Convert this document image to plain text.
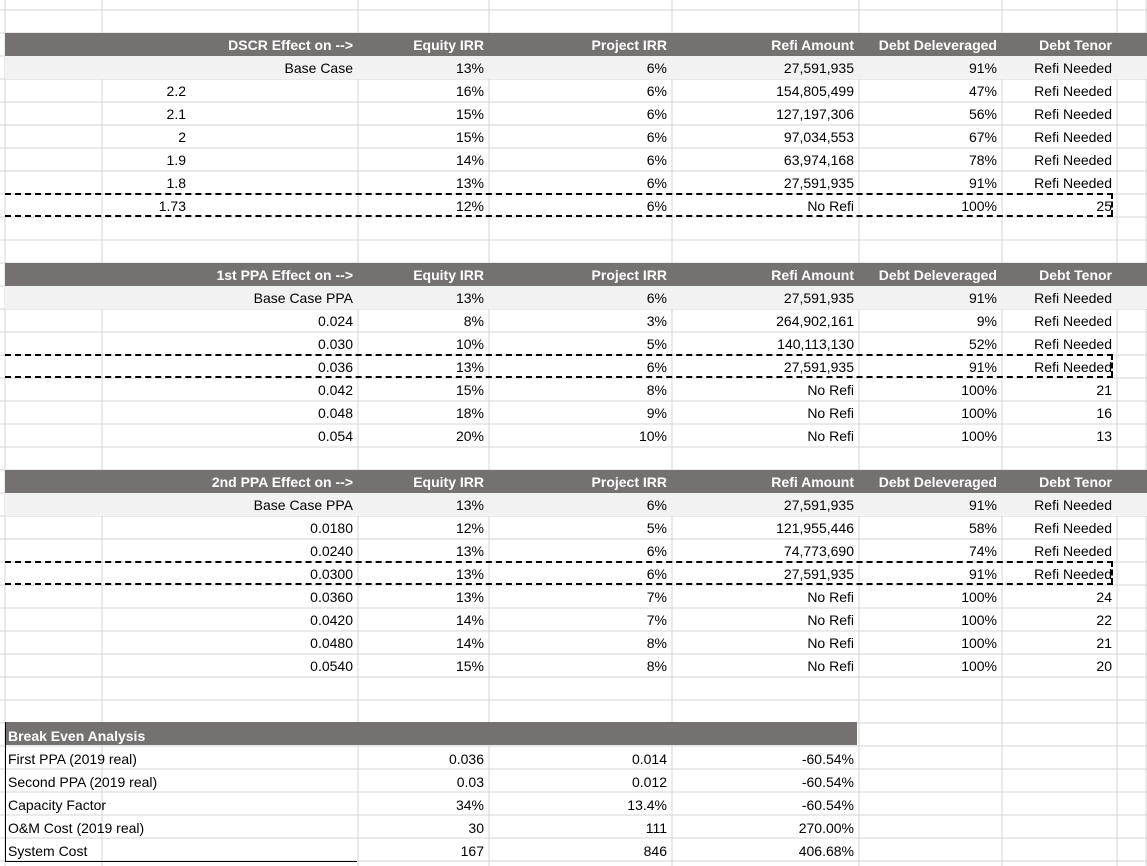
DSCR Effect on -->	Equity IRR	Project IRR	Refi Amount	Debt Deleveraged	Debt Tenor
Base Case	13%	6%	27,591,935	91%	Refi Needed
2.2	16%	6%	154,805,499	47%	Refi Needed
2.1	15%	6%	127,197,306	56%	Refi Needed
2	15%	6%	97,034,553	67%	Refi Needed
1.9	14%	6%	63,974,168	78%	Refi Needed
1.8	13%	6%	27,591,935	91%	Refi Needed
1.73	12%	6%	No Refi	100%	25
1st PPA Effect on -->	Equity IRR	Project IRR	Refi Amount	Debt Deleveraged	Debt Tenor
Base Case PPA	13%	6%	27,591,935	91%	Refi Needed
0.024	8%	3%	264,902,161	9%	Refi Needed
0.030	10%	5%	140,113,130	52%	Refi Needed
0.036	13%	6%	27,591,935	91%	Refi Needed
0.042	15%	8%	No Refi	100%	21
0.048	18%	9%	No Refi	100%	16
0.054	20%	10%	No Refi	100%	13
2nd PPA Effect on -->	Equity IRR	Project IRR	Refi Amount	Debt Deleveraged	Debt Tenor
Base Case PPA	13%	6%	27,591,935	91%	Refi Needed
0.0180	12%	5%	121,955,446	58%	Refi Needed
0.0240	13%	6%	74,773,690	74%	Refi Needed
0.0300	13%	6%	27,591,935	91%	Refi Needed
0.0360	13%	7%	No Refi	100%	24
0.0420	14%	7%	No Refi	100%	22
0.0480	14%	8%	No Refi	100%	21
0.0540	15%	8%	No Refi	100%	20
Break Even Analysis
First PPA (2019 real)	0.036	0.014	-60.54%
Second PPA (2019 real)	0.03	0.012	-60.54%
Capacity Factor	34%	13.4%	-60.54%
O&M Cost (2019 real)	30	111	270.00%
System Cost	167	846	406.68%
